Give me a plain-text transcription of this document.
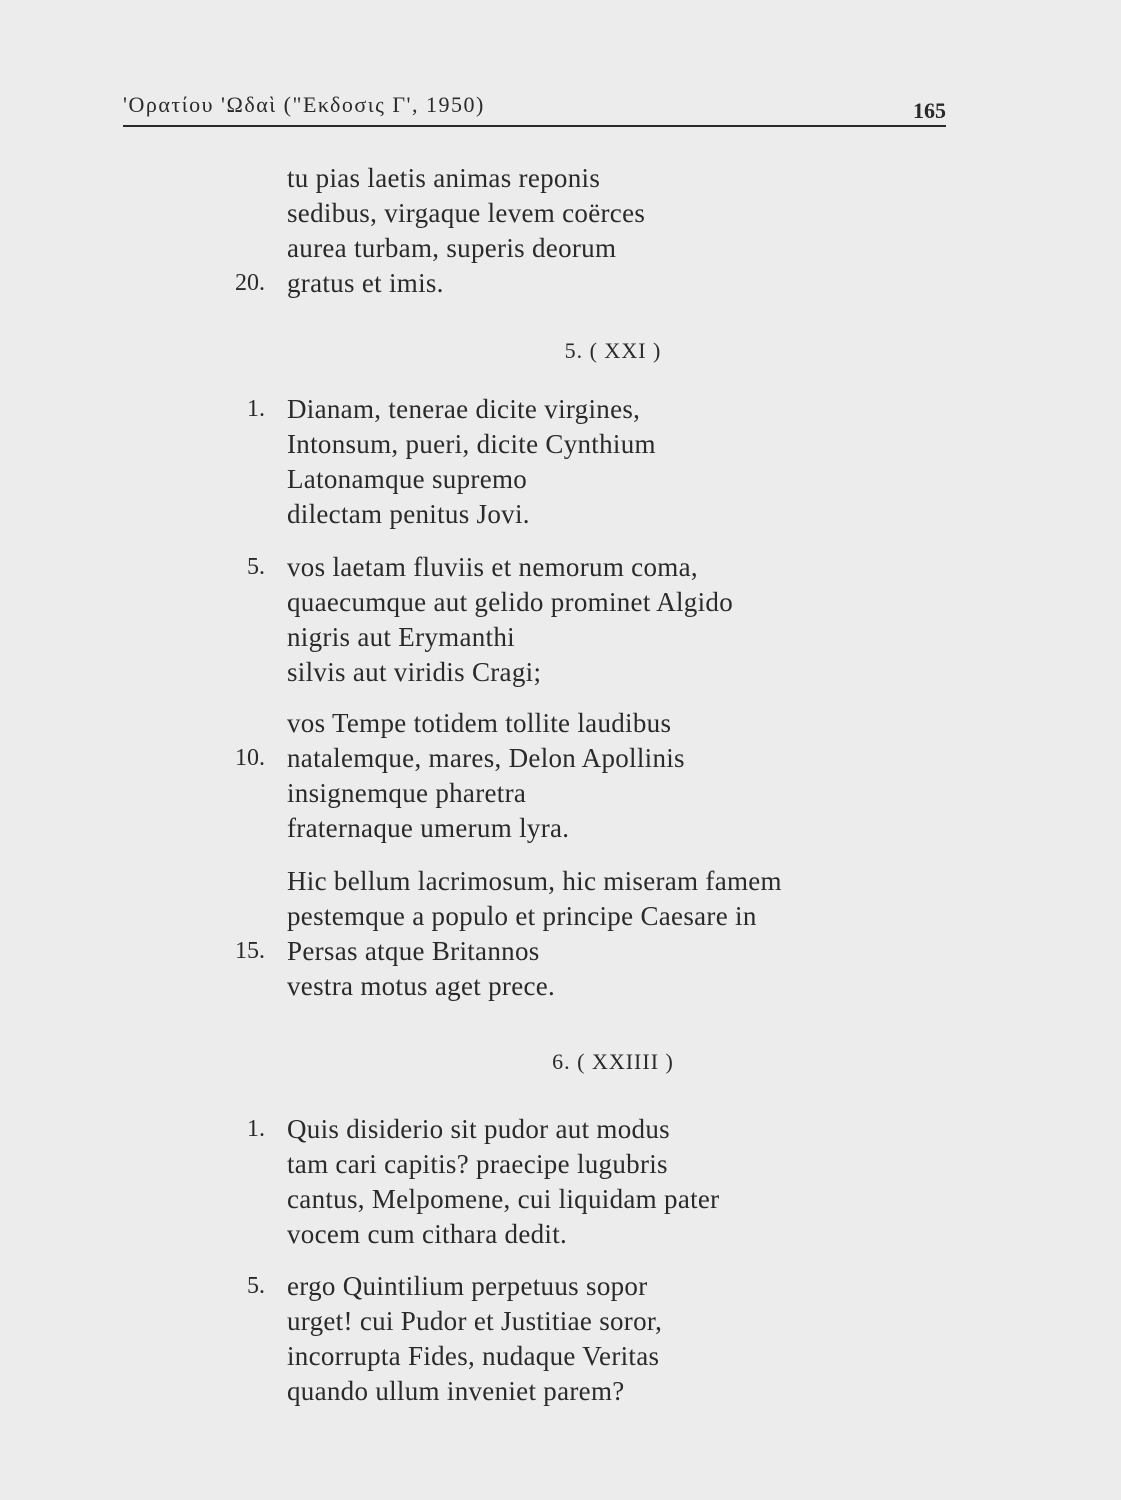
'Ορατίου 'Ωδαὶ ("Εκδοσις Γ', 1950)	165
tu pias laetis animas reponis
sedibus, virgaque levem coërces
aurea turbam, superis deorum
20. gratus et imis.
5. ( XXI )
1. Dianam, tenerae dicite virgines,
Intonsum, pueri, dicite Cynthium
Latonamque supremo
dilectam penitus Jovi.
5. vos laetam fluviis et nemorum coma,
quaecumque aut gelido prominet Algido
nigris aut Erymanthi
silvis aut viridis Cragi;
vos Tempe totidem tollite laudibus
10. natalemque, mares, Delon Apollinis
insignemque pharetra
fraternaque umerum lyra.
Hic bellum lacrimosum, hic miseram famem
pestemque a populo et principe Caesare in
15. Persas atque Britannos
vestra motus aget prece.
6. ( XXIIII )
1. Quis disiderio sit pudor aut modus
tam cari capitis? praecipe lugubris
cantus, Melpomene, cui liquidam pater
vocem cum cithara dedit.
5. ergo Quintilium perpetuus sopor
urget! cui Pudor et Justitiae soror,
incorrupta Fides, nudaque Veritas
quando ullum inveniet parem?
